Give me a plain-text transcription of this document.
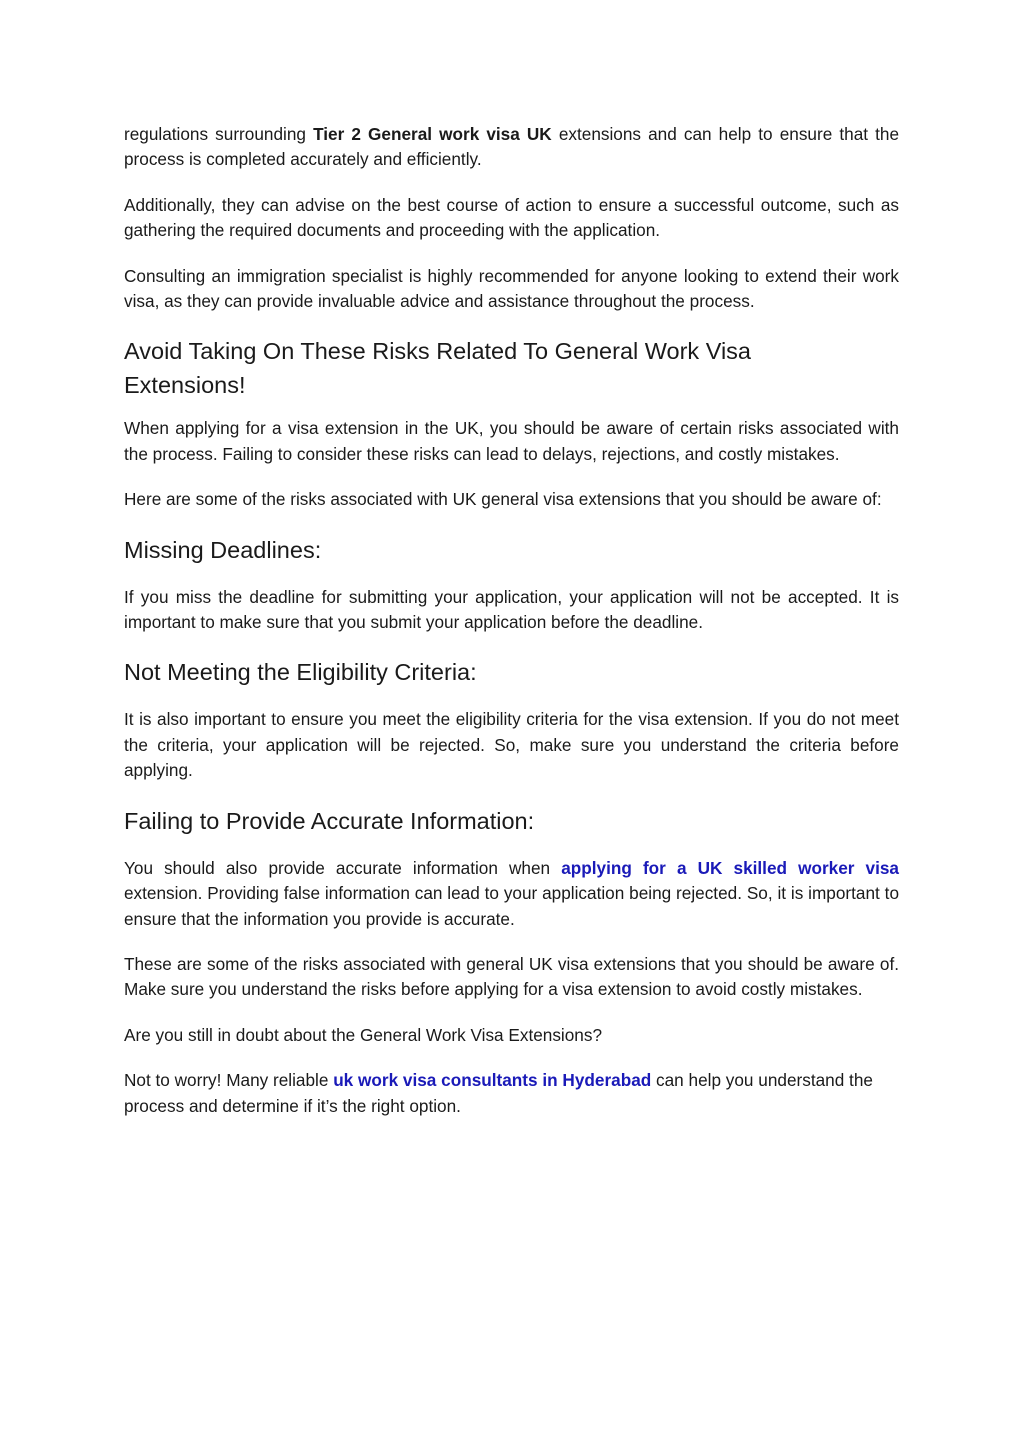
regulations surrounding Tier 2 General work visa UK extensions and can help to ensure that the process is completed accurately and efficiently.

Additionally, they can advise on the best course of action to ensure a successful outcome, such as gathering the required documents and proceeding with the application.

Consulting an immigration specialist is highly recommended for anyone looking to extend their work visa, as they can provide invaluable advice and assistance throughout the process.

Avoid Taking On These Risks Related To General Work Visa Extensions!

When applying for a visa extension in the UK, you should be aware of certain risks associated with the process. Failing to consider these risks can lead to delays, rejections, and costly mistakes.

Here are some of the risks associated with UK general visa extensions that you should be aware of:

Missing Deadlines:

If you miss the deadline for submitting your application, your application will not be accepted. It is important to make sure that you submit your application before the deadline.

Not Meeting the Eligibility Criteria:

It is also important to ensure you meet the eligibility criteria for the visa extension. If you do not meet the criteria, your application will be rejected. So, make sure you understand the criteria before applying.

Failing to Provide Accurate Information:

You should also provide accurate information when applying for a UK skilled worker visa extension. Providing false information can lead to your application being rejected. So, it is important to ensure that the information you provide is accurate.

These are some of the risks associated with general UK visa extensions that you should be aware of. Make sure you understand the risks before applying for a visa extension to avoid costly mistakes.

Are you still in doubt about the General Work Visa Extensions?

Not to worry! Many reliable uk work visa consultants in Hyderabad can help you understand the process and determine if it’s the right option.
